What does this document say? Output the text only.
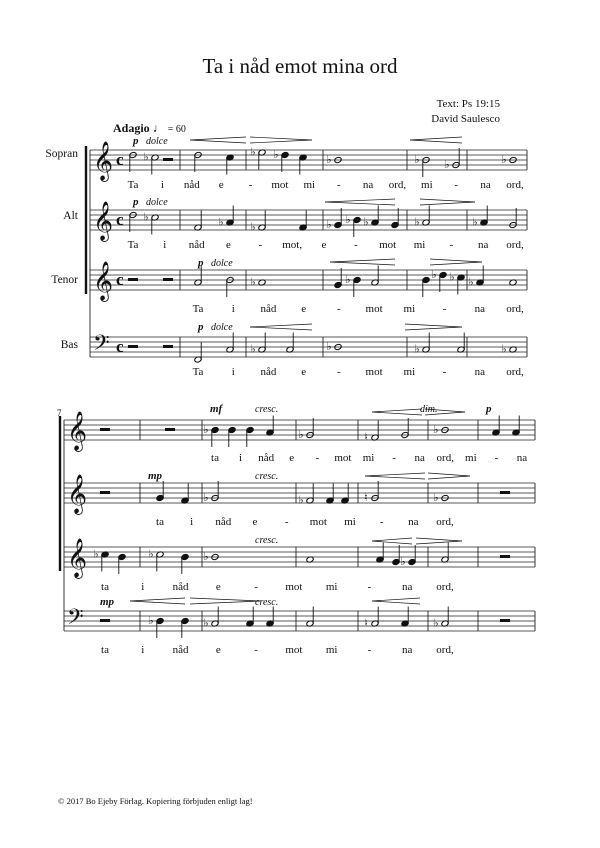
Ta i nåd emot mina ord
Text: Ps 19:15
David Saulesco
Adagio ♩ = 60
Sopran
Alt
Tenor
Bas
7
𝄞 c
𝄞 c
𝄞 c
𝄢 c
♭	♭ ♭	♭	♭ ♭	♭
♭	♭ ♭	♭ ♭ ♭	♭	♭
♭	♭	♭ ♭ ♭
♭	♭	♭	♭
p dolce
p dolce
p dolce
p dolce
Ta i nåd e - mot mi - na ord, mi - na ord,
Ta i nåd e	- mot, e	- mot mi - na ord,
Ta	i nåd e	- mot mi	-	na ord,
Ta	i nåd e	- mot mi	-	na ord,
𝄞
𝄞
𝄞
𝄢
♭	♭	♮
♭
♭	♭	♮	♭
♭	♭	♭	♭
♭	♭	♮	♭
mf	cresc.	dim.	p
mp	cresc.
cresc.
mp	cresc.
ta i nåd e - mot mi - na ord, mi - na
ta i nåd e - mot mi - na ord,
ta	i	nåd e	- mot mi	-	na ord,
ta	i	nåd e	- mot mi	-	na ord,
© 2017 Bo Ejeby Förlag. Kopiering förbjuden enligt lag!
